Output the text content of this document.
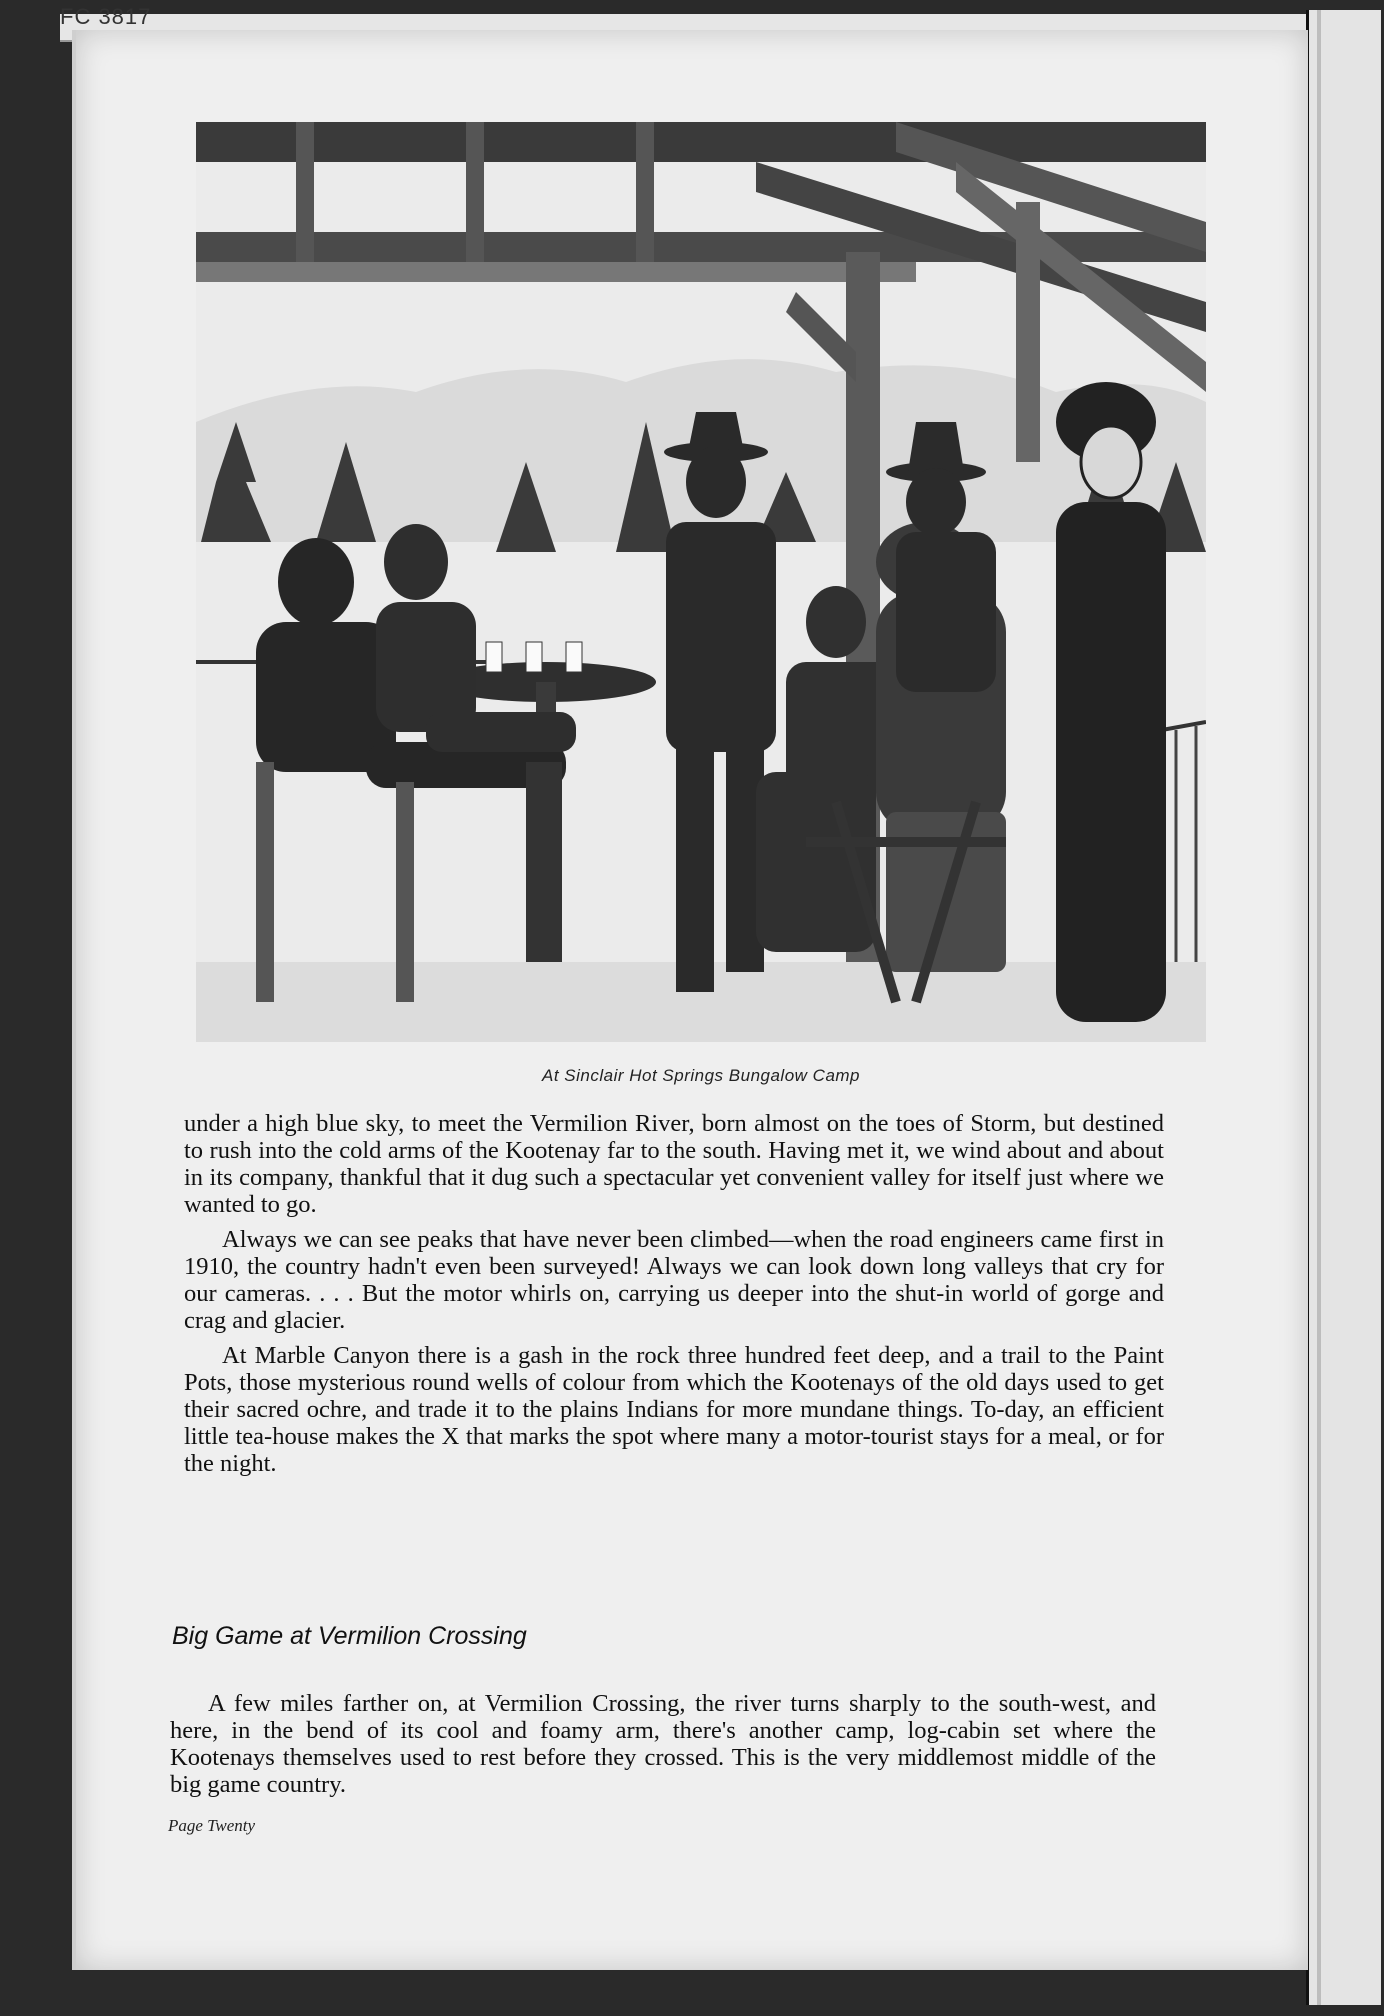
FC 3817
At Sinclair Hot Springs Bungalow Camp

under a high blue sky, to meet the Vermilion River, born almost on the toes of Storm, but destined to rush into the cold arms of the Kootenay far to the south. Having met it, we wind about and about in its company, thankful that it dug such a spectacular yet convenient valley for itself just where we wanted to go.

Always we can see peaks that have never been climbed—when the road engineers came first in 1910, the country hadn't even been surveyed! Always we can look down long valleys that cry for our cameras. . . . But the motor whirls on, carrying us deeper into the shut-in world of gorge and crag and glacier.

At Marble Canyon there is a gash in the rock three hundred feet deep, and a trail to the Paint Pots, those mysterious round wells of colour from which the Kootenays of the old days used to get their sacred ochre, and trade it to the plains Indians for more mundane things. To-day, an efficient little tea-house makes the X that marks the spot where many a motor-tourist stays for a meal, or for the night.

Big Game at Vermilion Crossing

A few miles farther on, at Vermilion Crossing, the river turns sharply to the south-west, and here, in the bend of its cool and foamy arm, there's another camp, log-cabin set where the Kootenays themselves used to rest before they crossed. This is the very middlemost middle of the big game country.

Page Twenty
